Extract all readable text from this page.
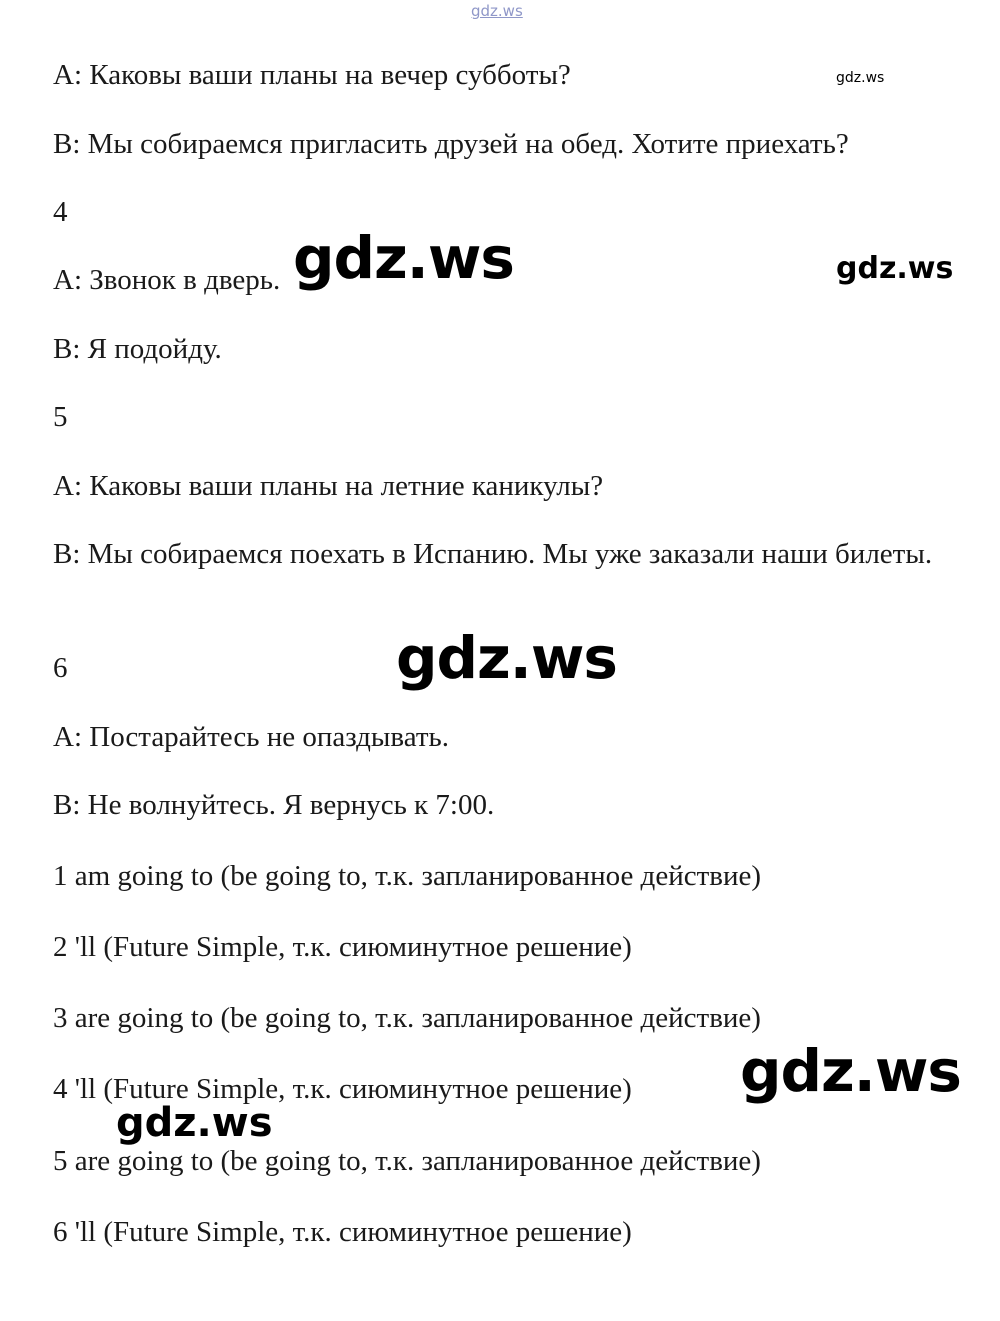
A: Каковы ваши планы на вечер субботы?
B: Мы собираемся пригласить друзей на обед. Хотите приехать?
4
A: Звонок в дверь.
B: Я подойду.
5
A: Каковы ваши планы на летние каникулы?
B: Мы собираемся поехать в Испанию. Мы уже заказали наши билеты.
6
A: Постарайтесь не опаздывать.
B: Не волнуйтесь. Я вернусь к 7:00.
1 am going to (be going to, т.к. запланированное действие)
2 'll (Future Simple, т.к. сиюминутное решение)
3 are going to (be going to, т.к. запланированное действие)
4 'll (Future Simple, т.к. сиюминутное решение)
5 are going to (be going to, т.к. запланированное действие)
6 'll (Future Simple, т.к. сиюминутное решение)
gdz.ws
gdz.ws
gdz.ws	gdz.ws
gdz.ws
gdz.ws
gdz.ws
